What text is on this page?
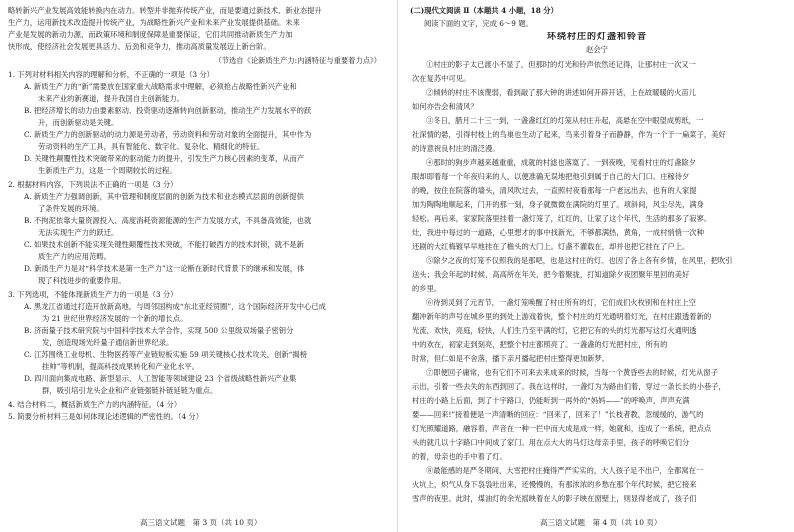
略转新兴产业发展高效能转换内在动力。转型并非抛弃传统产业，而是要通过新技术、新业态提升
生产力，运用新技术改造提升传统产业，为战略性新兴产业和未来产业发展提供基础。未来
产业是发展的新动力源，而政策环境和制度保障是重要保证，它们共同推动新质生产力加
快形成，使经济社会发展更具活力、后劲和竞争力，推动高质量发展迈上新台阶。
（节选自《论新质生产力:内涵特征与重要着力点》）
1. 下列对材料相关内容的理解和分析，不正确的一项是（3 分）
A. 新质生产力的“新”需要放在国家重大战略需求中理解，必须抢占战略性新兴产业和
未来产业的新赛道，提升我国自主创新能力。
B. 把经济增长的动力由要素驱动、投资驱动逐渐转向创新驱动，推动生产力发展水平的跃
升，而创新驱动是关键。
C. 新质生产力的创新驱动的动力源是劳动者，劳动资料和劳动对象的全面提升，其中作为
劳动资料的生产工具，具有智能化、数字化、复杂化、精细化的特征。
D. 关键性颠覆性技术突破带来的驱动能力的提升，引发生产力核心因素的变革，从而产
生新质生产力，这是一个周期较长的过程。
2. 根据材料内容，下列说法不正确的一项是（3 分）
A. 新质生产力强调创新，其中管理和制度层面的创新为技术和业态模式层面的创新提供
了条件发展的环境。
B. 不拘泥依靠大量资源投入、高度消耗资源能源的生产力发展方式，不具备高效能，也就
无法实现生产力的跃迁。
C. 如果技术创新不能实现关键性颠覆性技术突破，不能打破西方的技术封锁，就不是新
质生产力的应用范畴。
D. 新质生产力是对“科学技术是第一生产力”这一论断在新时代背景下的继承和发展，体
现了科技进步的重要作用。
3. 下列选项，不能体现新质生产力的一项是（3 分）
A. 黑龙江省通过打造开放新高地，与周邻国构成“东北亚经贸圈”，这个国际经济开发中心已成
为 21 世纪世界经济发展的一个新的增长点。
B. 济南量子技术研究院与中国科学技术大学合作，实现 500 公里级双场量子密钥分
发，创造现场光纤量子通信新世界纪录。
C. 江苏围绕工业母机、生物医药等产业链短板实施 59 项关键核心技术攻关，创新“揭榜
挂帅”等机制，提高科技成果转化和产业化水平。
D. 四川面向集成电路、新型显示、人工智能等领域建设 23 个省级战略性新兴产业集
群，吸引培引龙头企业和产业链强链补链延链为重点。
4. 结合材料二，概括新质生产力的内涵特征。（4 分）
5. 简要分析材料三是如何体现论述逻辑的严密性的。（4 分）
高三语文试题　第 3 页（共 10 页）
(二)现代文阅读 Ⅱ（本题共 4 小题，18 分）
阅读下面的文字，完成 6～9 题。
环绕村庄的灯盏和铃音
赵会宁
①村庄的影子太已渡小不显了，但那时的灯光和铃声依然还记得，让那村庄一次又一
次在复苏中可见。
②倾转的村庄不该蔑弱，看到敲了那大钟的讲述如何开辟开话，上在故暖暖的火苗儿
如何亦告会和清风？
③冬日，腊月二十三一到，一盏盏红红的灯笼从村庄升起，高悬在空中眼望成剪纸，一
社深情的悬，引得村枝上的鸟巢也生动了起来，鸟来引着身子而静静，作为一个于一扁菜子，美好
的诗意祝良村庄的清泛漫。
④那时的狗步声越来越重重，成就的村滤也落寞了。一到夜晚，见看村庄的灯盏除夕
眼却即着每一个年夜归来的人，以便准确无误地把他引到属于自己的大门口。庄稼待夕
的晚，按住在院落的墙头，清风吹过去，一直照村夜看那每一户老远出去，也有的人家提
加为陶陶地顺起来，门开的那一刻，身子就微微在满院的灯里了。项斜间，风尘尽先，满身
轻松。再后来，家家院落里挂着一盏灯笼了，红红的，让家了这个年代，生活的那多了寂寥。
灶，我进中每过的一道路，心里想才的事中找新光，不够都满热，黄角，一成村悄悄一次种
还剧的大红梅镀早早地挂在了檐头的大门上。灯盏不灌载在，却并也把它挂在了户上。
⑤除夕之夜的灯笼不仅照我的是那吧，也是这村庄的灯。也因了各上各有乡情，在风里，把吹引
送头；我会年起的时候，高高所在年关，把今着聚拢，打知道除夕夜团聚年里回的美好
的乡里。
⑥待到灵到了元宵节，一盏灯笼唤醒了村庄所有的灯，它们成们火枚别和在村庄上空
翻冲新年的声号在城乡里的到处上游戏着快，整个村庄的灯光通明着灯光，在村庄跟透着新的
光流，欢快，亮庭，轻快，人们生乃至平满的灯，它把它有的头的灯光都写这灯火通明透
中的欢在，初家走到刻亮，把整个村庄都照亮了。一盏盏的灯光把村庄，所有的
时常，但仁如是不舍落，播下亲月播起把村庄整得更加新梦。
⑦即便回子庸常，也有它们不可来去来成来的时候，当每一个黄昏些去的时候，灯光从窗子
示出，引着一些去失的东西到回了。我在这样时，一盏灯为为路由们着，穿过一条长长的小巷子，
村庄的小路上后面，到了十宇路口，仍能听到一再外的“妈妈——”的呼唤声，声声充满
要——回来!”接着便是一声清晰的回应：“回来了，回来了！”长枝者教，忽缓缓的，游气的
灯光照耀道路，融容着，声音在一种一拦中而大成是成一样，她就和，连成了一系统，把点点
头的就几以十字路口中间成了家门。用在点大大的马灯这母亲手里，孩子的呼唤它们分
的着，母亲也的手中着了灯。
⑧最能感的是严冬期间，大雪把村庄掩得严严实实的，大人孩子足不出户，全都窝在一
火坑上，炽气从身下袅袅吐出来，还慢慢的，有那浓浓的乡愁在那个年代时候，把它接来
雪声的夜里。此时，煤油灯的余光摇映着在人的影子映在窗壁上，则显得老成了，孩子们
高三语文试题　第 4 页（共 10 页）
